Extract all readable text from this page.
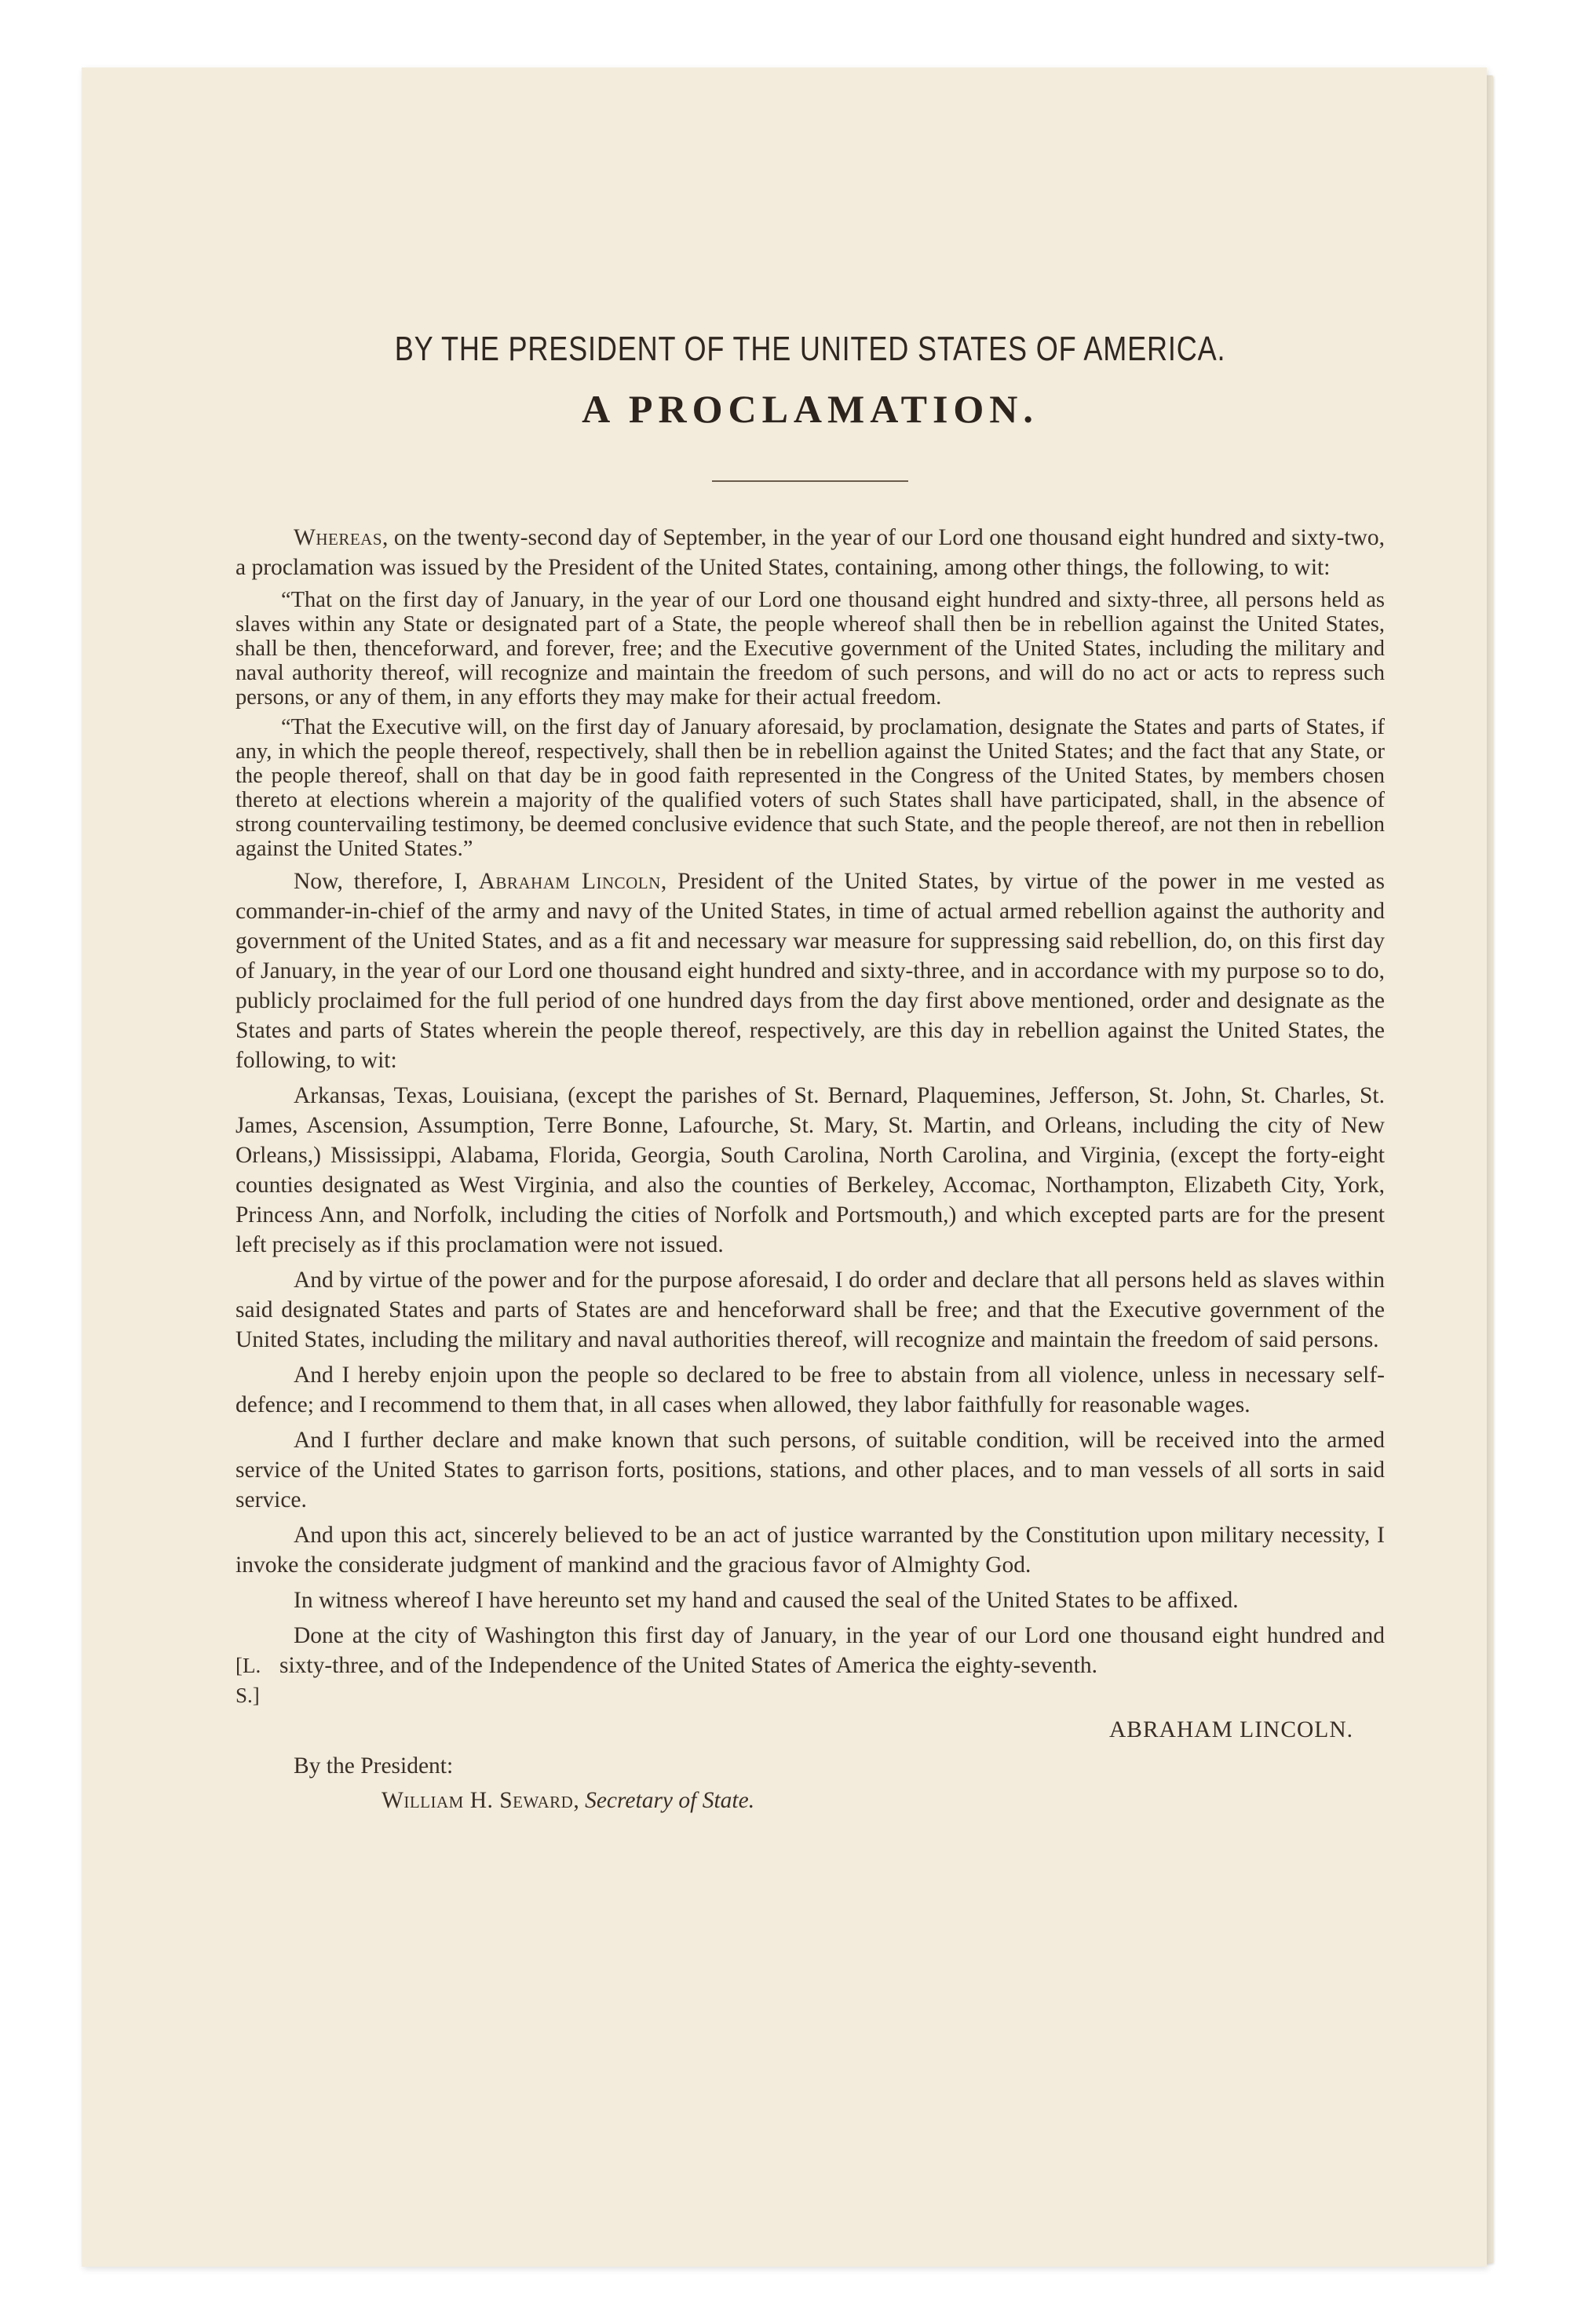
BY THE PRESIDENT OF THE UNITED STATES OF AMERICA.
A PROCLAMATION.

Whereas, on the twenty-second day of September, in the year of our Lord one thousand eight hundred and sixty-two, a proclamation was issued by the President of the United States, containing, among other things, the following, to wit:

“That on the first day of January, in the year of our Lord one thousand eight hundred and sixty-three, all persons held as slaves within any State or designated part of a State, the people whereof shall then be in rebellion against the United States, shall be then, thenceforward, and forever, free; and the Executive government of the United States, including the military and naval authority thereof, will recognize and maintain the freedom of such persons, and will do no act or acts to repress such persons, or any of them, in any efforts they may make for their actual freedom.

“That the Executive will, on the first day of January aforesaid, by proclamation, designate the States and parts of States, if any, in which the people thereof, respectively, shall then be in rebellion against the United States; and the fact that any State, or the people thereof, shall on that day be in good faith represented in the Congress of the United States, by members chosen thereto at elections wherein a majority of the qualified voters of such States shall have participated, shall, in the absence of strong countervailing testimony, be deemed conclusive evidence that such State, and the people thereof, are not then in rebellion against the United States.”

Now, therefore, I, Abraham Lincoln, President of the United States, by virtue of the power in me vested as commander-in-chief of the army and navy of the United States, in time of actual armed rebellion against the authority and government of the United States, and as a fit and necessary war measure for suppressing said rebellion, do, on this first day of January, in the year of our Lord one thousand eight hundred and sixty-three, and in accordance with my purpose so to do, publicly proclaimed for the full period of one hundred days from the day first above mentioned, order and designate as the States and parts of States wherein the people thereof, respectively, are this day in rebellion against the United States, the following, to wit:

Arkansas, Texas, Louisiana, (except the parishes of St. Bernard, Plaquemines, Jefferson, St. John, St. Charles, St. James, Ascension, Assumption, Terre Bonne, Lafourche, St. Mary, St. Martin, and Orleans, including the city of New Orleans,) Mississippi, Alabama, Florida, Georgia, South Carolina, North Carolina, and Virginia, (except the forty-eight counties designated as West Virginia, and also the counties of Berkeley, Accomac, Northampton, Elizabeth City, York, Princess Ann, and Norfolk, including the cities of Norfolk and Portsmouth,) and which excepted parts are for the present left precisely as if this proclamation were not issued.

And by virtue of the power and for the purpose aforesaid, I do order and declare that all persons held as slaves within said designated States and parts of States are and henceforward shall be free; and that the Executive government of the United States, including the military and naval authorities thereof, will recognize and maintain the freedom of said persons.

And I hereby enjoin upon the people so declared to be free to abstain from all violence, unless in necessary self-defence; and I recommend to them that, in all cases when allowed, they labor faithfully for reasonable wages.

And I further declare and make known that such persons, of suitable condition, will be received into the armed service of the United States to garrison forts, positions, stations, and other places, and to man vessels of all sorts in said service.

And upon this act, sincerely believed to be an act of justice warranted by the Constitution upon military necessity, I invoke the considerate judgment of mankind and the gracious favor of Almighty God.

In witness whereof I have hereunto set my hand and caused the seal of the United States to be affixed.

[L. S.]

Done at the city of Washington this first day of January, in the year of our Lord one thousand eight hundred and sixty-three, and of the Independence of the United States of America the eighty-seventh.

ABRAHAM LINCOLN.
By the President:
William H. Seward, Secretary of State.
